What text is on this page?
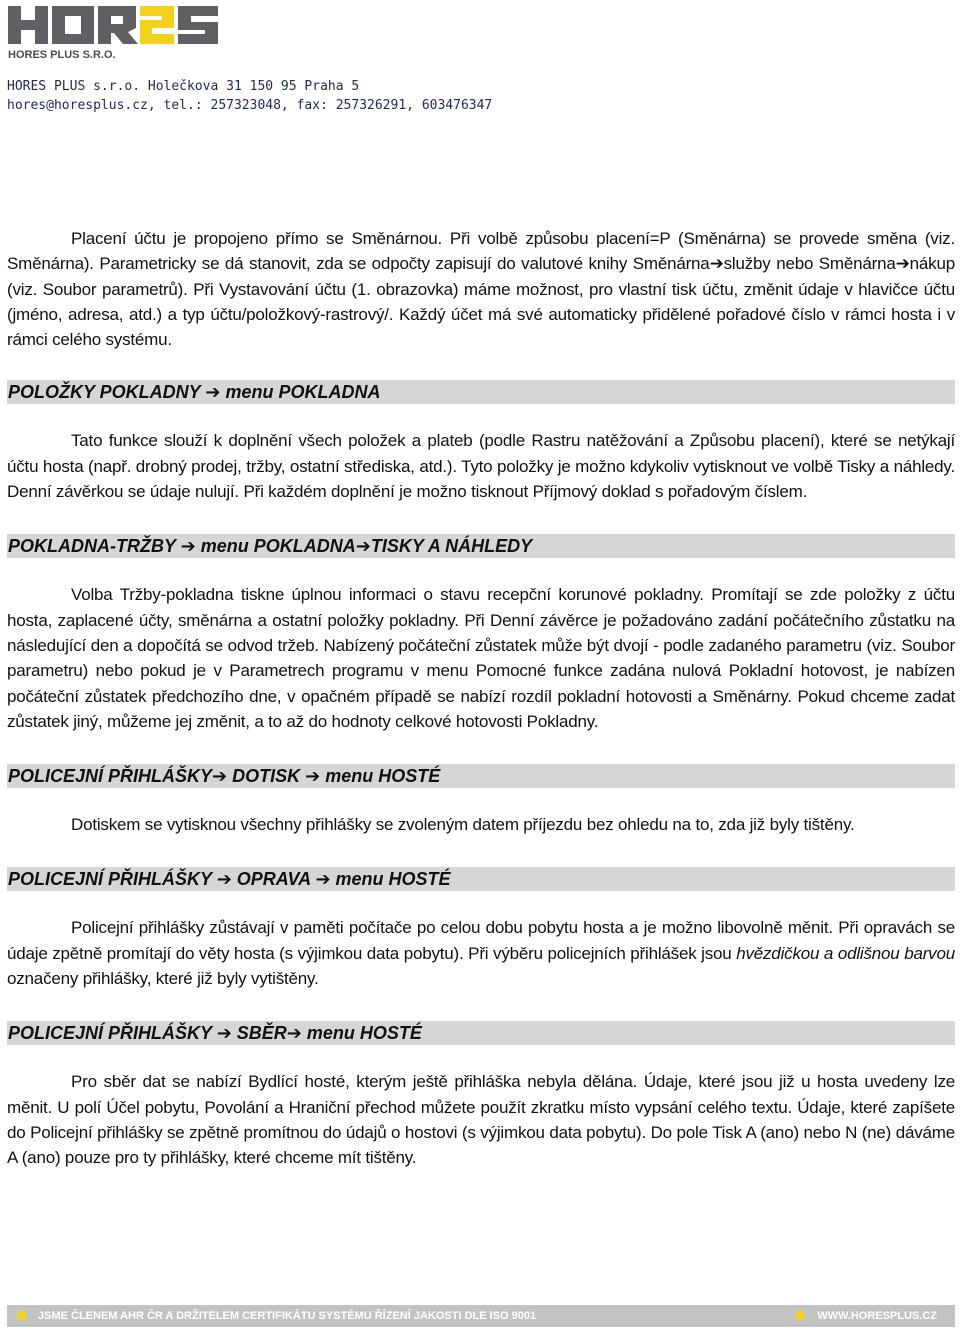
HORES PLUS S.R.O.
HORES PLUS s.r.o. Holečkova 31 150 95 Praha 5
hores@horesplus.cz, tel.: 257323048, fax: 257326291, 603476347

Placení účtu je propojeno přímo se Směnárnou. Při volbě způsobu placení=P (Směnárna) se provede směna (viz. Směnárna). Parametricky se dá stanovit, zda se odpočty zapisují do valutové knihy Směnárna➔služby nebo Směnárna➔nákup (viz. Soubor parametrů). Při Vystavování účtu (1. obrazovka) máme možnost, pro vlastní tisk účtu, změnit údaje v hlavičce účtu (jméno, adresa, atd.) a typ účtu/položkový-rastrový/. Každý účet má své automaticky přidělené pořadové číslo v rámci hosta i v rámci celého systému.

POLOŽKY POKLADNY ➔ menu POKLADNA

Tato funkce slouží k doplnění všech položek a plateb (podle Rastru natěžování a Způsobu placení), které se netýkají účtu hosta (např. drobný prodej, tržby, ostatní střediska, atd.). Tyto položky je možno kdykoliv vytisknout ve volbě Tisky a náhledy. Denní závěrkou se údaje nulují. Při každém doplnění je možno tisknout Příjmový doklad s pořadovým číslem.

POKLADNA-TRŽBY ➔ menu POKLADNA➔TISKY A NÁHLEDY

Volba Tržby-pokladna tiskne úplnou informaci o stavu recepční korunové pokladny. Promítají se zde položky z účtu hosta, zaplacené účty, směnárna a ostatní položky pokladny. Při Denní závěrce je požadováno zadání počátečního zůstatku na následující den a dopočítá se odvod tržeb. Nabízený počáteční zůstatek může být dvojí - podle zadaného parametru (viz. Soubor parametru) nebo pokud je v Parametrech programu v menu Pomocné funkce zadána nulová Pokladní hotovost, je nabízen počáteční zůstatek předchozího dne, v opačném případě se nabízí rozdíl pokladní hotovosti a Směnárny. Pokud chceme zadat zůstatek jiný, můžeme jej změnit, a to až do hodnoty celkové hotovosti Pokladny.

POLICEJNÍ PŘIHLÁŠKY➔ DOTISK ➔ menu HOSTÉ

Dotiskem se vytisknou všechny přihlášky se zvoleným datem příjezdu bez ohledu na to, zda již byly tištěny.

POLICEJNÍ PŘIHLÁŠKY ➔ OPRAVA ➔ menu HOSTÉ

Policejní přihlášky zůstávají v paměti počítače po celou dobu pobytu hosta a je možno libovolně měnit. Při opravách se údaje zpětně promítají do věty hosta (s výjimkou data pobytu). Při výběru policejních přihlášek jsou hvězdičkou a odlišnou barvou označeny přihlášky, které již byly vytištěny.

POLICEJNÍ PŘIHLÁŠKY ➔ SBĚR➔ menu HOSTÉ

Pro sběr dat se nabízí Bydlící hosté, kterým ještě přihláška nebyla dělána. Údaje, které jsou již u hosta uvedeny lze měnit. U polí Účel pobytu, Povolání a Hraniční přechod můžete použít zkratku místo vypsání celého textu. Údaje, které zapíšete do Policejní přihlášky se zpětně promítnou do údajů o hostovi (s výjimkou data pobytu). Do pole Tisk A (ano) nebo N (ne) dáváme A (ano) pouze pro ty přihlášky, které chceme mít tištěny.

JSME ČLENEM AHR ČR A DRŽITELEM CERTIFIKÁTU SYSTÉMU ŘÍZENÍ JAKOSTI DLE ISO 9001	WWW.HORESPLUS.CZ
